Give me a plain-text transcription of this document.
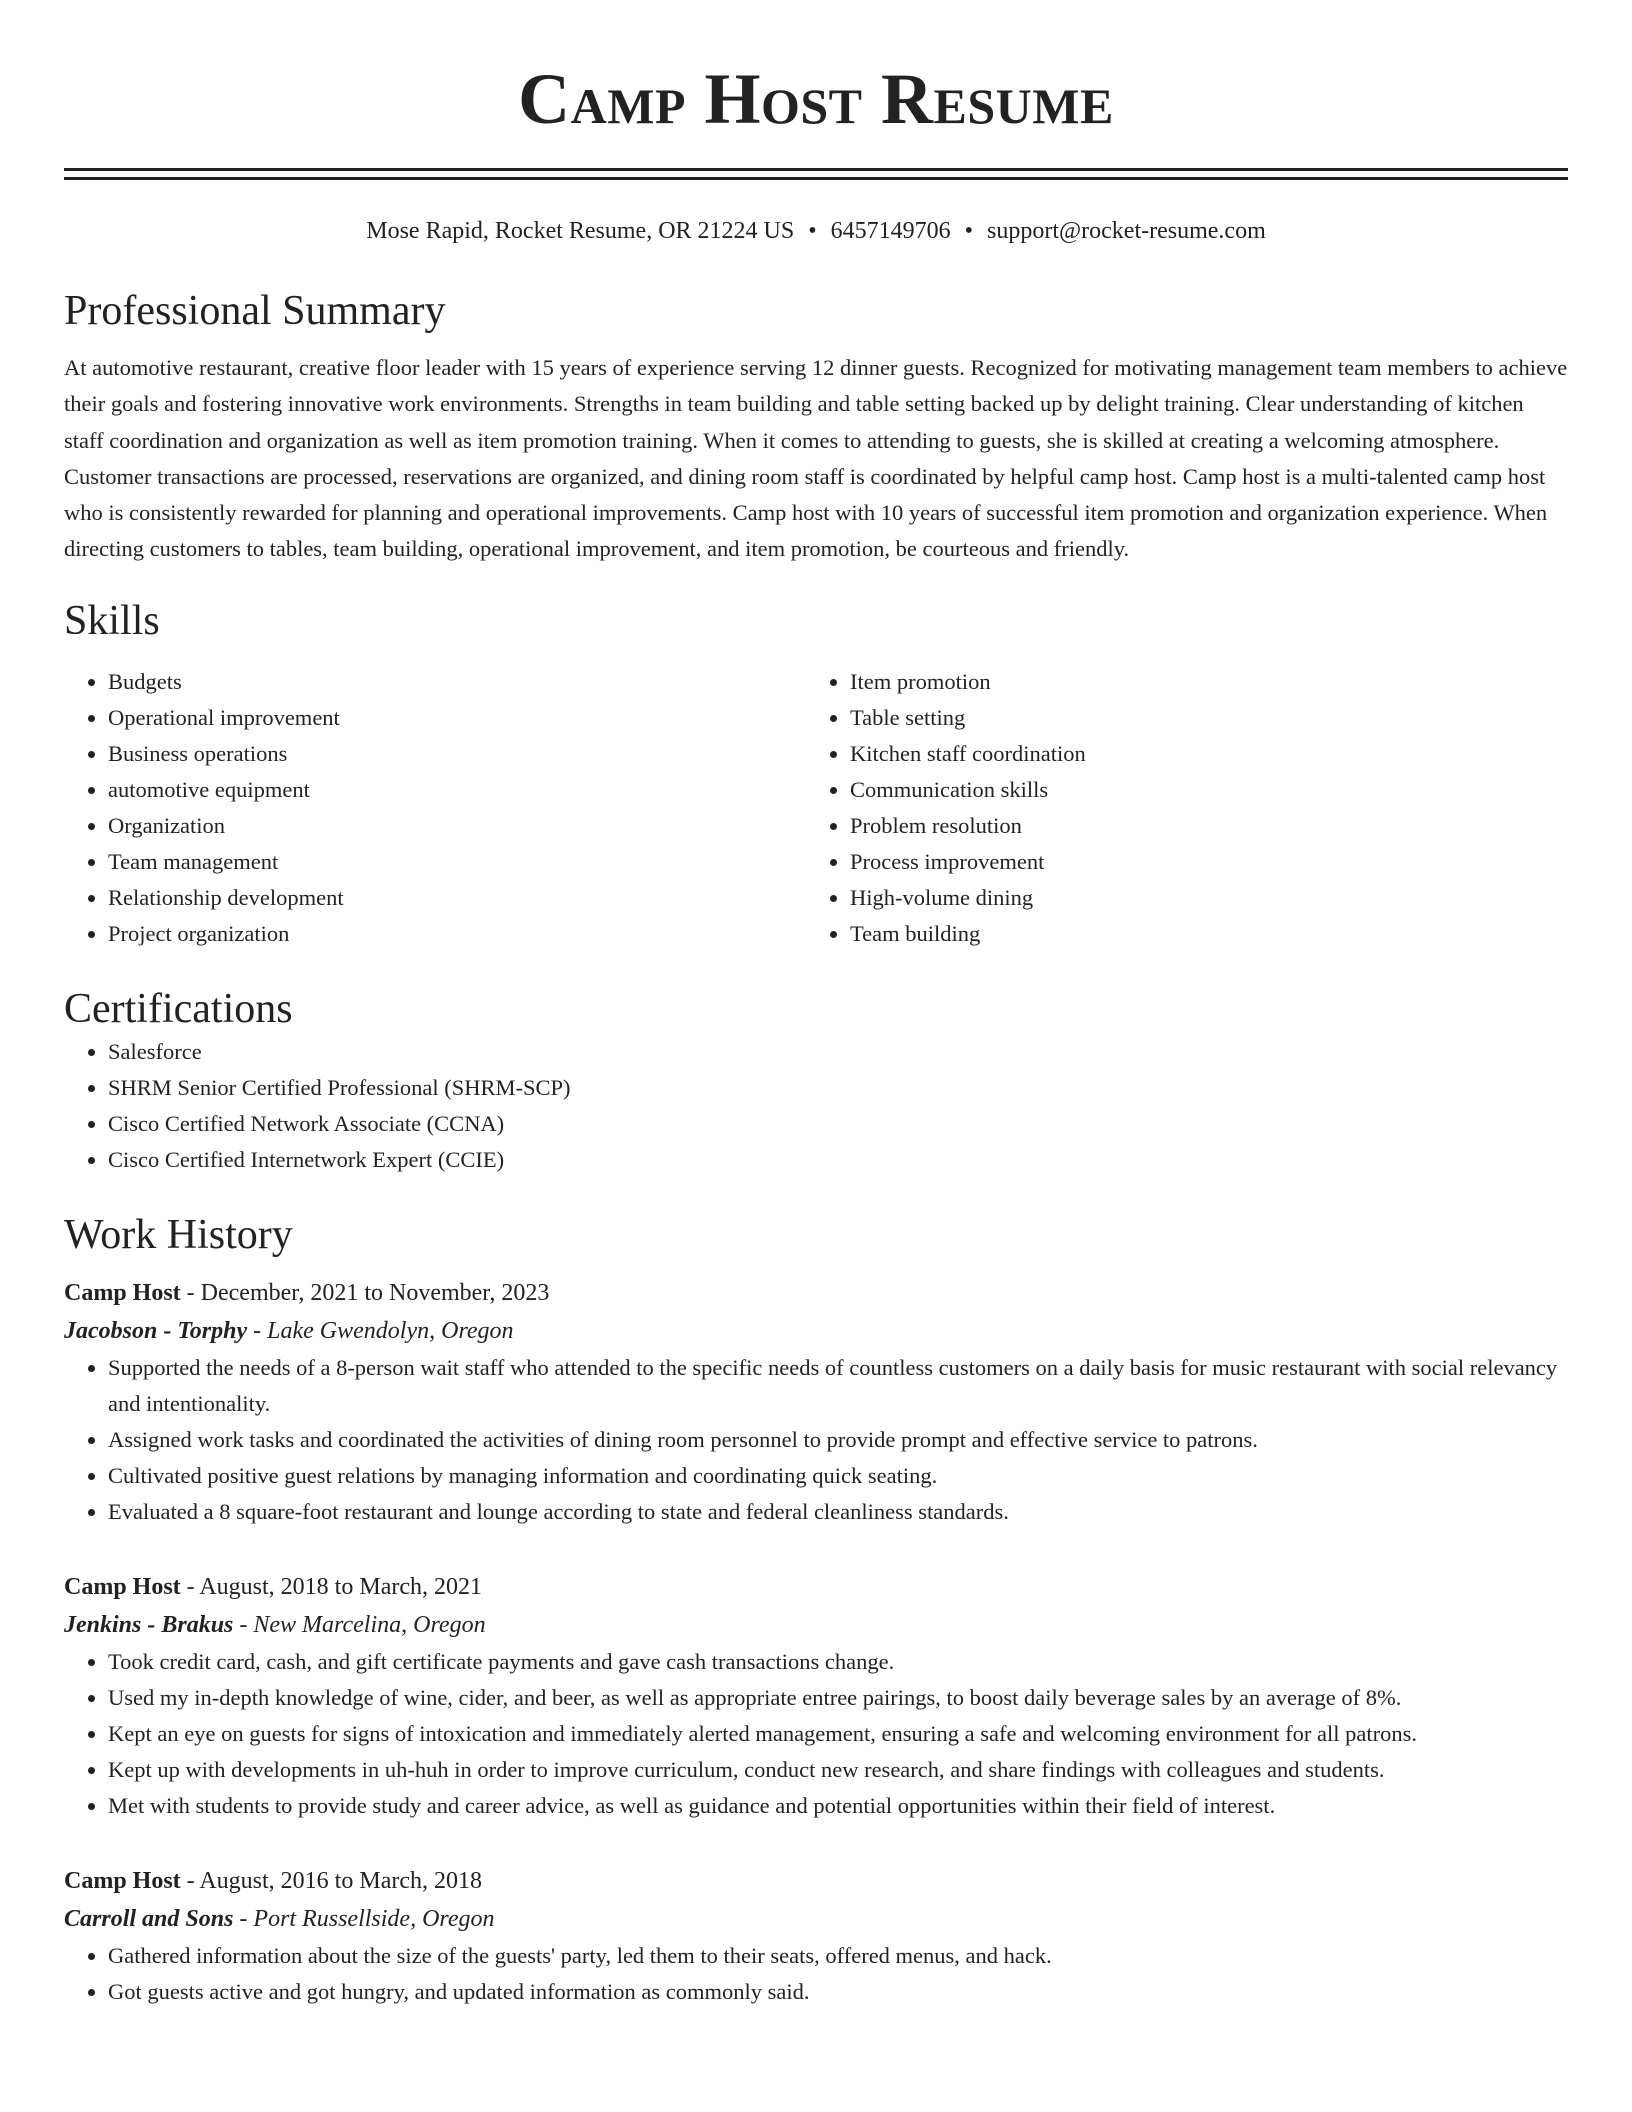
Camp Host Resume
Mose Rapid, Rocket Resume, OR 21224 US • 6457149706 • support@rocket-resume.com
Professional Summary

At automotive restaurant, creative floor leader with 15 years of experience serving 12 dinner guests. Recognized for motivating management team members to achieve their goals and fostering innovative work environments. Strengths in team building and table setting backed up by delight training. Clear understanding of kitchen staff coordination and organization as well as item promotion training. When it comes to attending to guests, she is skilled at creating a welcoming atmosphere. Customer transactions are processed, reservations are organized, and dining room staff is coordinated by helpful camp host. Camp host is a multi-talented camp host who is consistently rewarded for planning and operational improvements. Camp host with 10 years of successful item promotion and organization experience. When directing customers to tables, team building, operational improvement, and item promotion, be courteous and friendly.

Skills
• Budgets
• Operational improvement
• Business operations
• automotive equipment
• Organization
• Team management
• Relationship development
• Project organization
• Item promotion
• Table setting
• Kitchen staff coordination
• Communication skills
• Problem resolution
• Process improvement
• High-volume dining
• Team building
Certifications
• Salesforce
• SHRM Senior Certified Professional (SHRM-SCP)
• Cisco Certified Network Associate (CCNA)
• Cisco Certified Internetwork Expert (CCIE)
Work History
Camp Host - December, 2021 to November, 2023
Jacobson - Torphy - Lake Gwendolyn, Oregon
• Supported the needs of a 8-person wait staff who attended to the specific needs of countless customers on a daily basis for music restaurant with social relevancy and intentionality.
• Assigned work tasks and coordinated the activities of dining room personnel to provide prompt and effective service to patrons.
• Cultivated positive guest relations by managing information and coordinating quick seating.
• Evaluated a 8 square-foot restaurant and lounge according to state and federal cleanliness standards.
Camp Host - August, 2018 to March, 2021
Jenkins - Brakus - New Marcelina, Oregon
• Took credit card, cash, and gift certificate payments and gave cash transactions change.
• Used my in-depth knowledge of wine, cider, and beer, as well as appropriate entree pairings, to boost daily beverage sales by an average of 8%.
• Kept an eye on guests for signs of intoxication and immediately alerted management, ensuring a safe and welcoming environment for all patrons.
• Kept up with developments in uh-huh in order to improve curriculum, conduct new research, and share findings with colleagues and students.
• Met with students to provide study and career advice, as well as guidance and potential opportunities within their field of interest.
Camp Host - August, 2016 to March, 2018
Carroll and Sons - Port Russellside, Oregon
• Gathered information about the size of the guests' party, led them to their seats, offered menus, and hack.
• Got guests active and got hungry, and updated information as commonly said.
